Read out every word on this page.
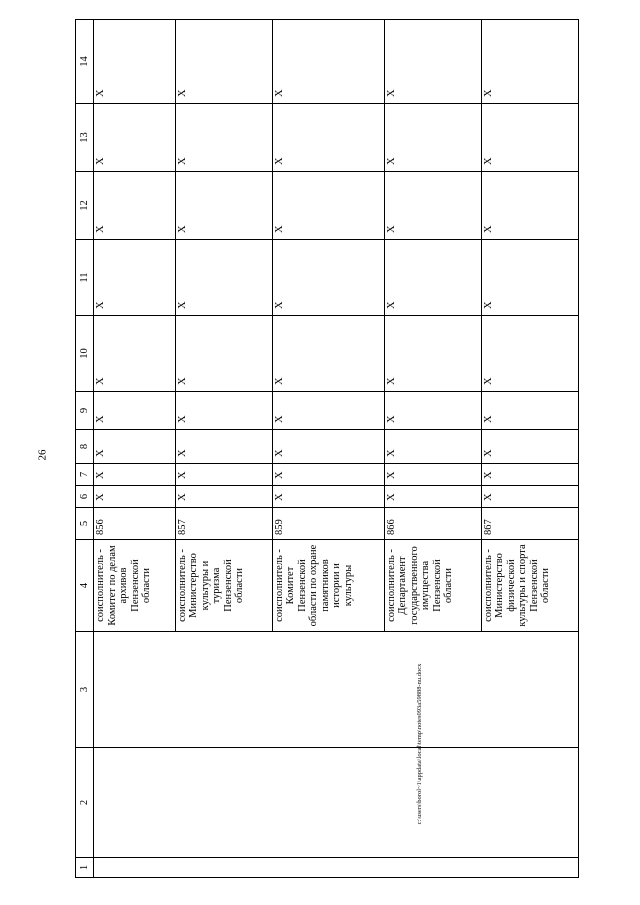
26
1	2	3	4	5	6	7	8	9	10	11	12	13	14
			соисполнитель - Комитет по делам архивов Пензенской области	856	X	X	X	X	X	X	X	X	X
			соисполнитель - Министерство культуры и туризма Пензенской области	857	X	X	X	X	X	X	X	X	X
			соисполнитель - Комитет Пензенской области по охране памятников истории и культуры	859	X	X	X	X	X	X	X	X	X
			соисполнитель - Департамент государственного имущества Пензенской области	866	X	X	X	X	X	X	X	X	X
			соисполнитель - Министерство физической культуры и спорта Пензенской области	867	X	X	X	X	X	X	X	X	X
c:\users\borol~1\appdata\local\temp\notes093a59888-nu.docx
